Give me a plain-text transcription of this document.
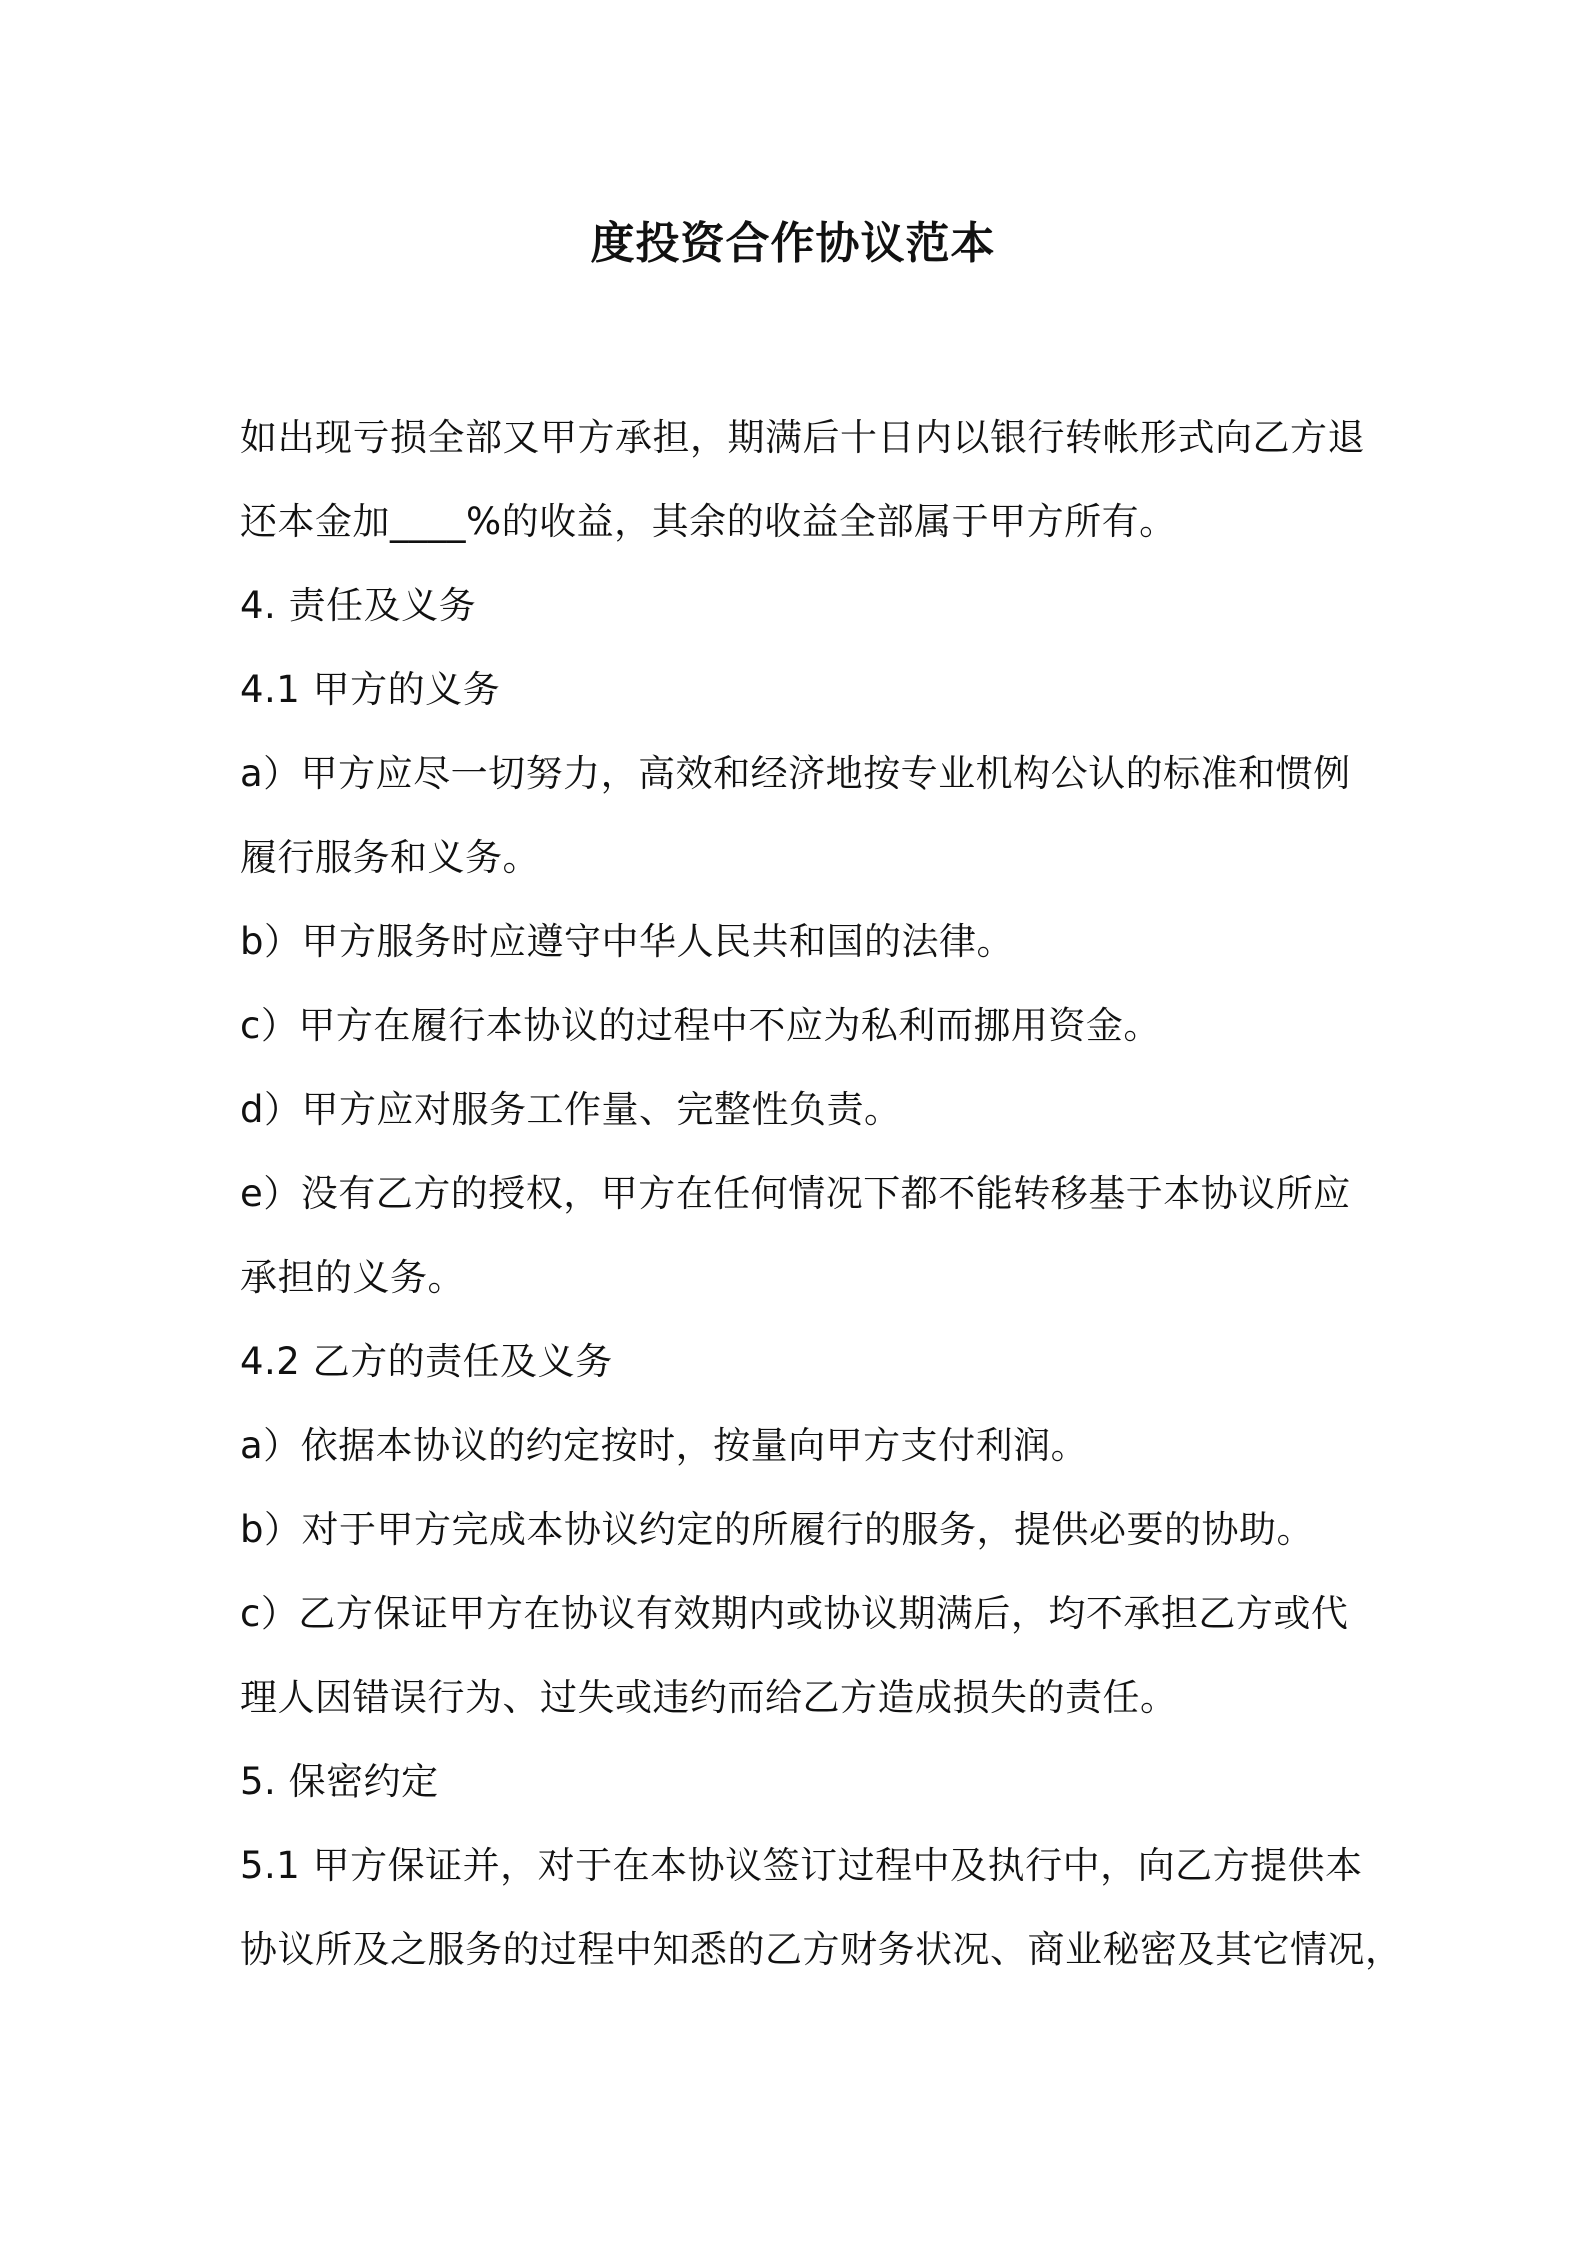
度投资合作协议范本
如出现亏损全部又甲方承担，期满后十日内以银行转帐形式向乙方退
还本金加____%的收益，其余的收益全部属于甲方所有。
4. 责任及义务
4.1 甲方的义务
a）甲方应尽一切努力，高效和经济地按专业机构公认的标准和惯例
履行服务和义务。
b）甲方服务时应遵守中华人民共和国的法律。
c）甲方在履行本协议的过程中不应为私利而挪用资金。
d）甲方应对服务工作量、完整性负责。
e）没有乙方的授权，甲方在任何情况下都不能转移基于本协议所应
承担的义务。
4.2 乙方的责任及义务
a）依据本协议的约定按时，按量向甲方支付利润。
b）对于甲方完成本协议约定的所履行的服务，提供必要的协助。
c）乙方保证甲方在协议有效期内或协议期满后，均不承担乙方或代
理人因错误行为、过失或违约而给乙方造成损失的责任。
5. 保密约定
5.1 甲方保证并，对于在本协议签订过程中及执行中，向乙方提供本
协议所及之服务的过程中知悉的乙方财务状况、商业秘密及其它情况，
